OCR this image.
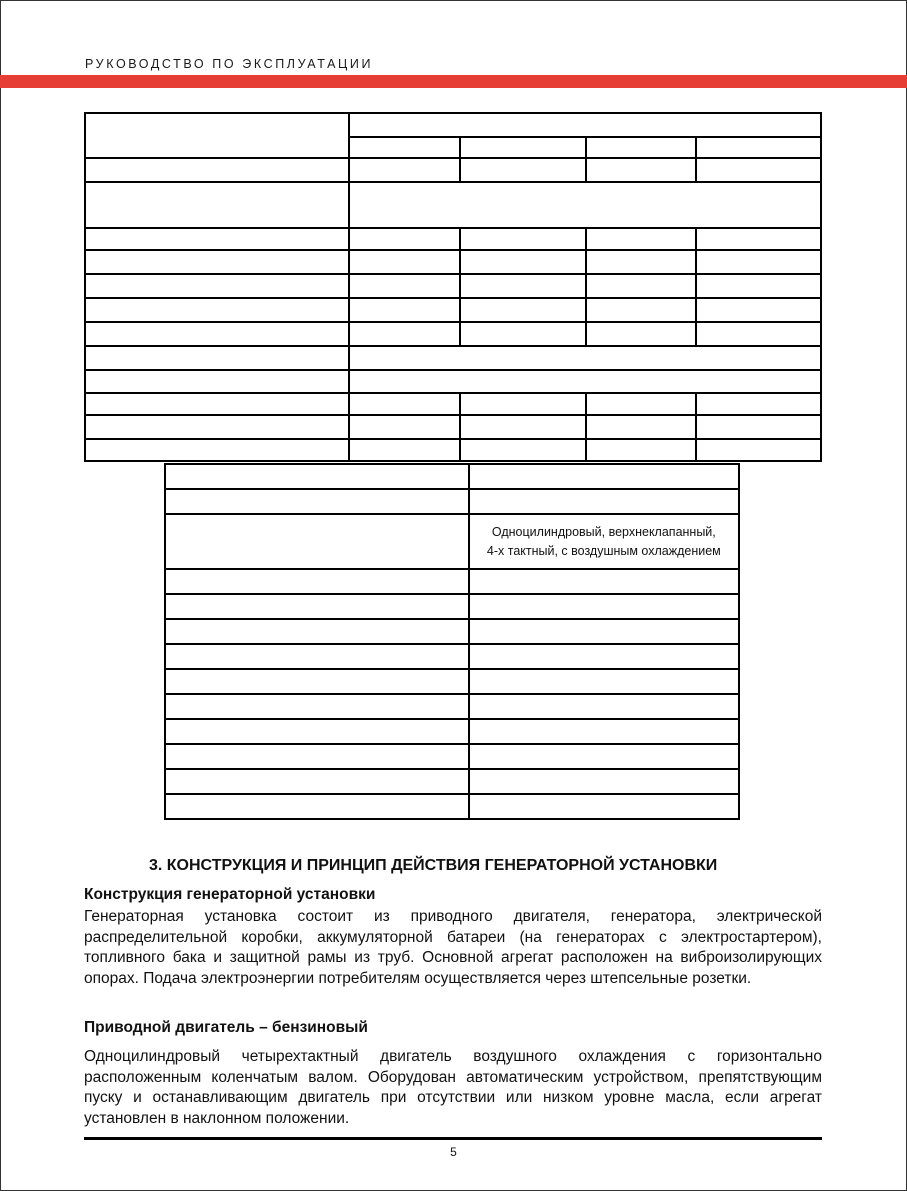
РУКОВОДСТВО ПО ЭКСПЛУАТАЦИИ

	Одноцилиндровый, верхнеклапанный,
4-х тактный, с воздушным охлаждением

3. КОНСТРУКЦИЯ И ПРИНЦИП ДЕЙСТВИЯ ГЕНЕРАТОРНОЙ УСТАНОВКИ
Конструкция генераторной установки

Генераторная установка состоит из приводного двигателя, генератора, электрической распределительной коробки, аккумуляторной батареи (на генераторах с электростартером), топливного бака и защитной рамы из труб. Основной агрегат расположен на виброизолирующих опорах. Подача электроэнергии потребителям осуществляется через штепсельные розетки.

Приводной двигатель – бензиновый

Одноцилиндровый четырехтактный двигатель воздушного охлаждения с горизонтально расположенным коленчатым валом. Оборудован автоматическим устройством, препятствующим пуску и останавливающим двигатель при отсутствии или низком уровне масла, если агрегат установлен в наклонном положении.

5
